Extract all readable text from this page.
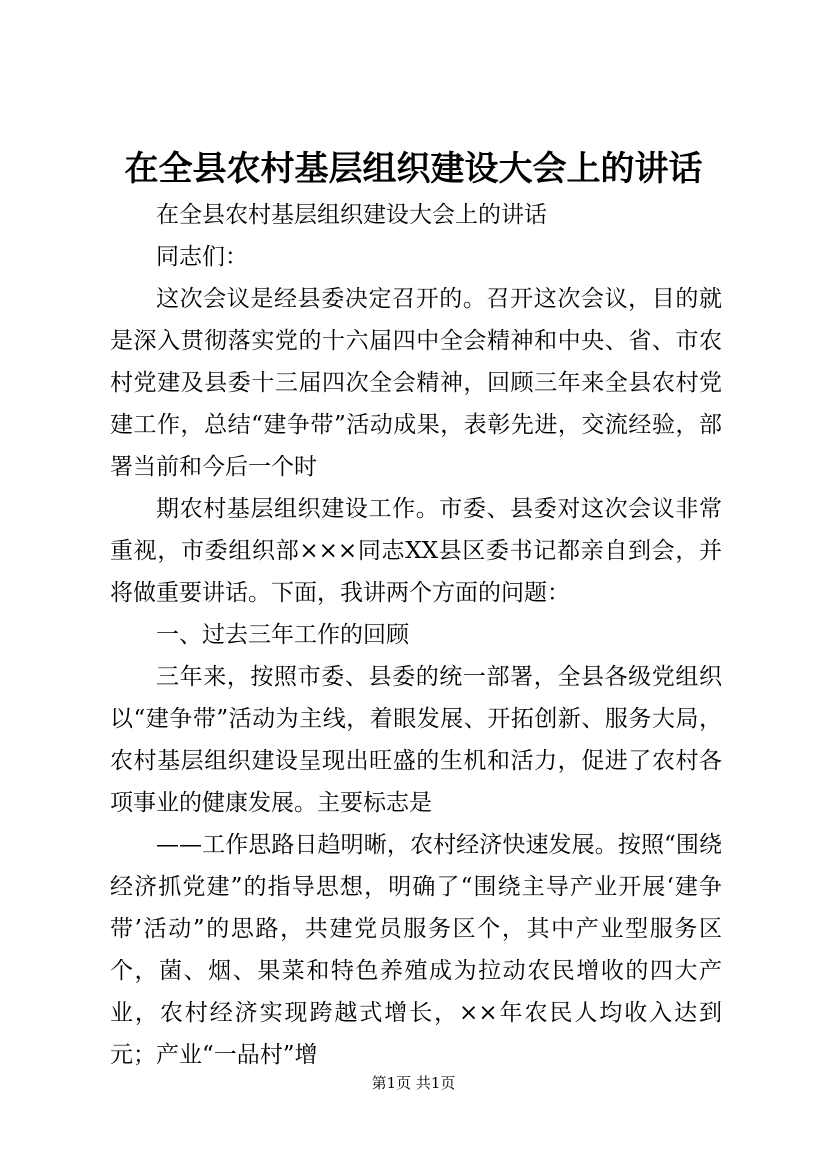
在全县农村基层组织建设大会上的讲话

在全县农村基层组织建设大会上的讲话

同志们：

这次会议是经县委决定召开的。召开这次会议，目的就是深入贯彻落实党的十六届四中全会精神和中央、省、市农村党建及县委十三届四次全会精神，回顾三年来全县农村党建工作，总结“建争带”活动成果，表彰先进，交流经验，部署当前和今后一个时

期农村基层组织建设工作。市委、县委对这次会议非常重视，市委组织部×××同志XX县区委书记都亲自到会，并将做重要讲话。下面，我讲两个方面的问题：

一、过去三年工作的回顾

三年来，按照市委、县委的统一部署，全县各级党组织以“建争带”活动为主线，着眼发展、开拓创新、服务大局，农村基层组织建设呈现出旺盛的生机和活力，促进了农村各项事业的健康发展。主要标志是

——工作思路日趋明晰，农村经济快速发展。按照“围绕经济抓党建”的指导思想，明确了“围绕主导产业开展‘建争带’活动”的思路，共建党员服务区个，其中产业型服务区个，菌、烟、果菜和特色养殖成为拉动农民增收的四大产业，农村经济实现跨越式增长，××年农民人均收入达到元；产业“一品村”增

第1页 共1页
